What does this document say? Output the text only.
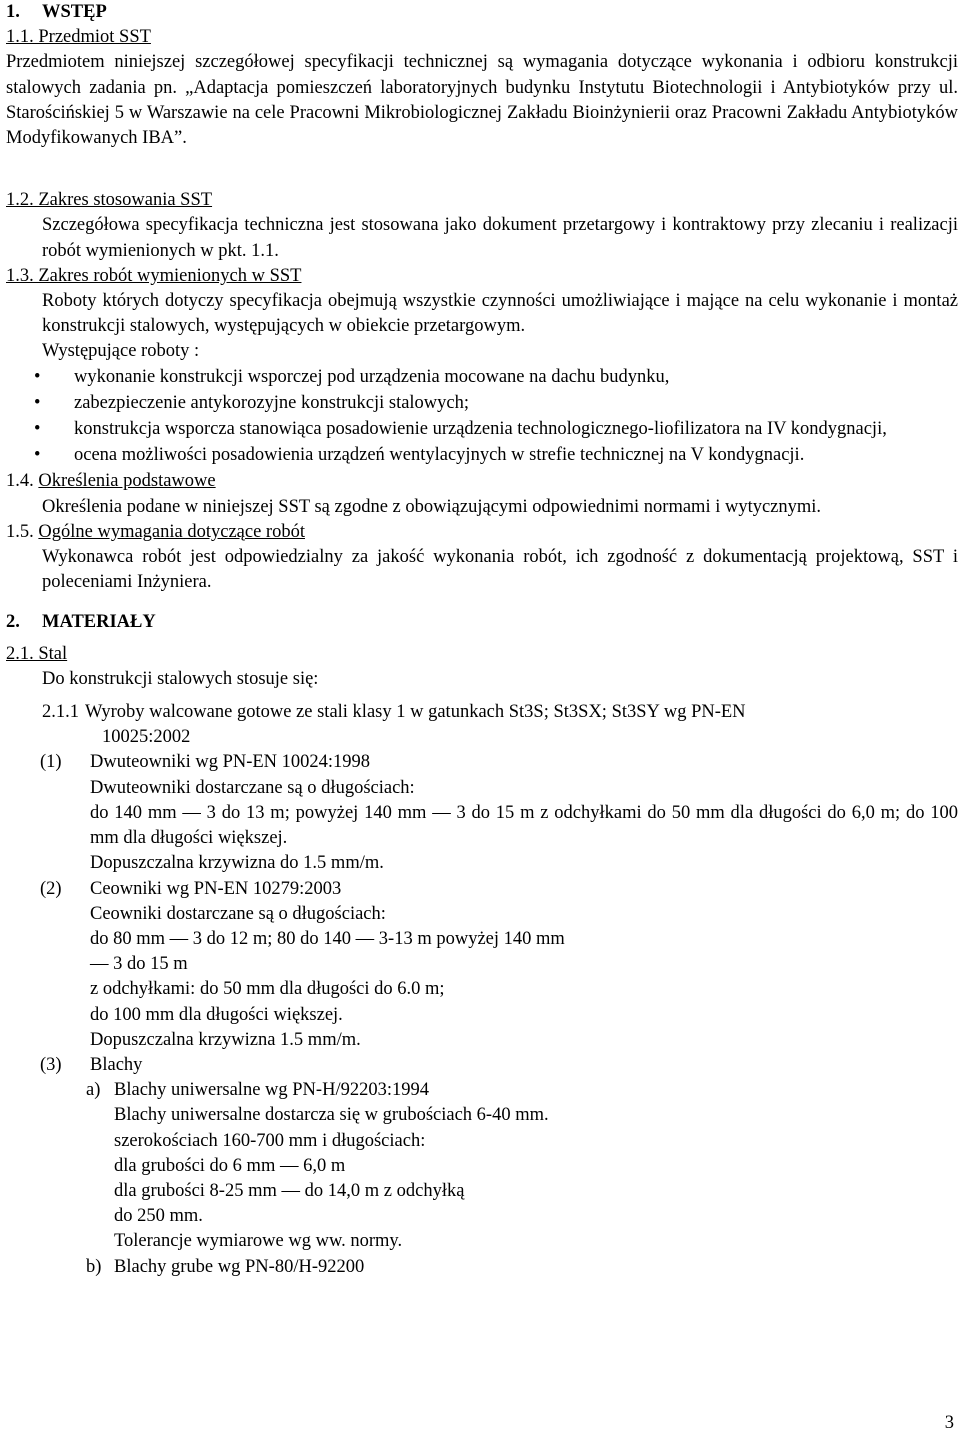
1. WSTĘP

1.1. Przedmiot SST

Przedmiotem niniejszej szczegółowej specyfikacji technicznej są wymagania dotyczące wykonania i odbioru konstrukcji stalowych zadania pn. „Adaptacja pomieszczeń laboratoryjnych budynku Instytutu Biotechnologii i Antybiotyków przy ul. Starościńskiej 5 w Warszawie na cele Pracowni Mikrobiologicznej Zakładu Bioinżynierii oraz Pracowni Zakładu Antybiotyków Modyfikowanych IBA”.

1.2. Zakres stosowania SST

Szczegółowa specyfikacja techniczna jest stosowana jako dokument przetargowy i kontraktowy przy zlecaniu i realizacji robót wymienionych w pkt. 1.1.

1.3. Zakres robót wymienionych w SST

Roboty których dotyczy specyfikacja obejmują wszystkie czynności umożliwiające i mające na celu wykonanie i montaż konstrukcji stalowych, występujących w obiekcie przetargowym.

Występujące roboty :

• wykonanie konstrukcji wsporczej pod urządzenia mocowane na dachu budynku,
• zabezpieczenie antykorozyjne konstrukcji stalowych;
• konstrukcja wsporcza stanowiąca posadowienie urządzenia technologicznego-liofilizatora na IV kondygnacji,
• ocena możliwości posadowienia urządzeń wentylacyjnych w strefie technicznej na V kondygnacji.

1.4. Określenia podstawowe

Określenia podane w niniejszej SST są zgodne z obowiązującymi odpowiednimi normami i wytycznymi.

1.5. Ogólne wymagania dotyczące robót

Wykonawca robót jest odpowiedzialny za jakość wykonania robót, ich zgodność z dokumentacją projektową, SST i poleceniami Inżyniera.

2. MATERIAŁY

2.1. Stal

Do konstrukcji stalowych stosuje się:

2.1.1 Wyroby walcowane gotowe ze stali klasy 1 w gatunkach St3S; St3SX; St3SY wg PN-EN

10025:2002

(1) Dwuteowniki wg PN-EN 10024:1998

Dwuteowniki dostarczane są o długościach:

do 140 mm — 3 do 13 m; powyżej 140 mm — 3 do 15 m z odchyłkami do 50 mm dla długości do 6,0 m; do 100 mm dla długości większej.

Dopuszczalna krzywizna do 1.5 mm/m.

(2) Ceowniki wg PN-EN 10279:2003

Ceowniki dostarczane są o długościach:

do 80 mm — 3 do 12 m; 80 do 140 — 3-13 m powyżej 140 mm

— 3 do 15 m

z odchyłkami: do 50 mm dla długości do 6.0 m;

do 100 mm dla długości większej.

Dopuszczalna krzywizna 1.5 mm/m.

(3) Blachy

a) Blachy uniwersalne wg PN-H/92203:1994

Blachy uniwersalne dostarcza się w grubościach 6-40 mm.

szerokościach 160-700 mm i długościach:

dla grubości do 6 mm — 6,0 m

dla grubości 8-25 mm — do 14,0 m z odchyłką

do 250 mm.

Tolerancje wymiarowe wg ww. normy.

b) Blachy grube wg PN-80/H-92200

3
